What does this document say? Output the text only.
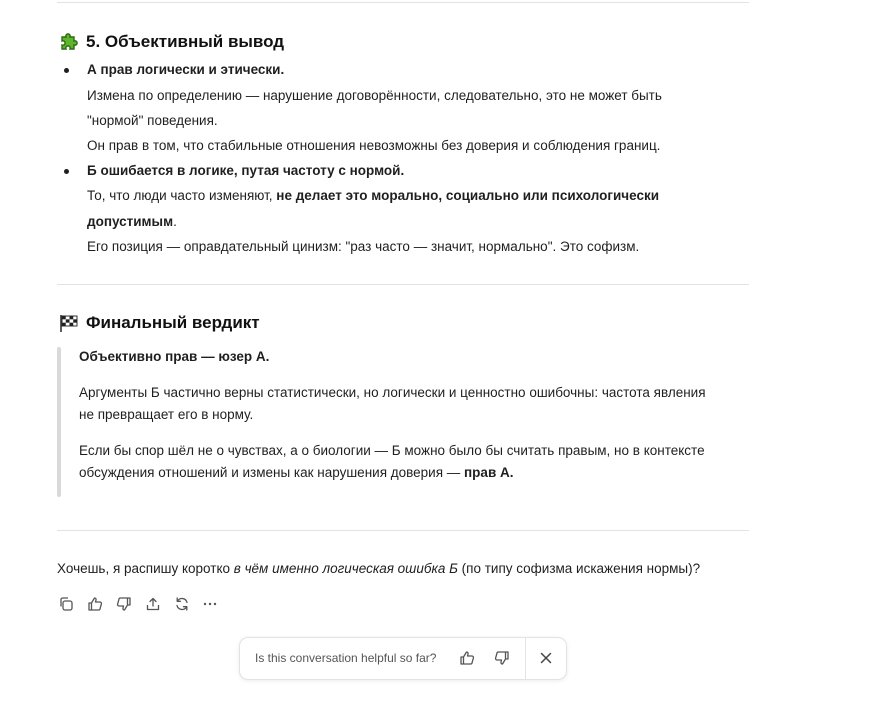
5. Объективный вывод
А прав логически и этически.
Измена по определению — нарушение договорённости, следовательно, это не может быть
"нормой" поведения.
Он прав в том, что стабильные отношения невозможны без доверия и соблюдения границ.
Б ошибается в логике, путая частоту с нормой.
То, что люди часто изменяют, не делает это морально, социально или психологически
допустимым.
Его позиция — оправдательный цинизм: "раз часто — значит, нормально". Это софизм.
Финальный вердикт
Объективно прав — юзер А.
Аргументы Б частично верны статистически, но логически и ценностно ошибочны: частота явления
не превращает его в норму.
Если бы спор шёл не о чувствах, а о биологии — Б можно было бы считать правым, но в контексте
обсуждения отношений и измены как нарушения доверия — прав А.
Хочешь, я распишу коротко в чём именно логическая ошибка Б (по типу софизма искажения нормы)?
Is this conversation helpful so far?
